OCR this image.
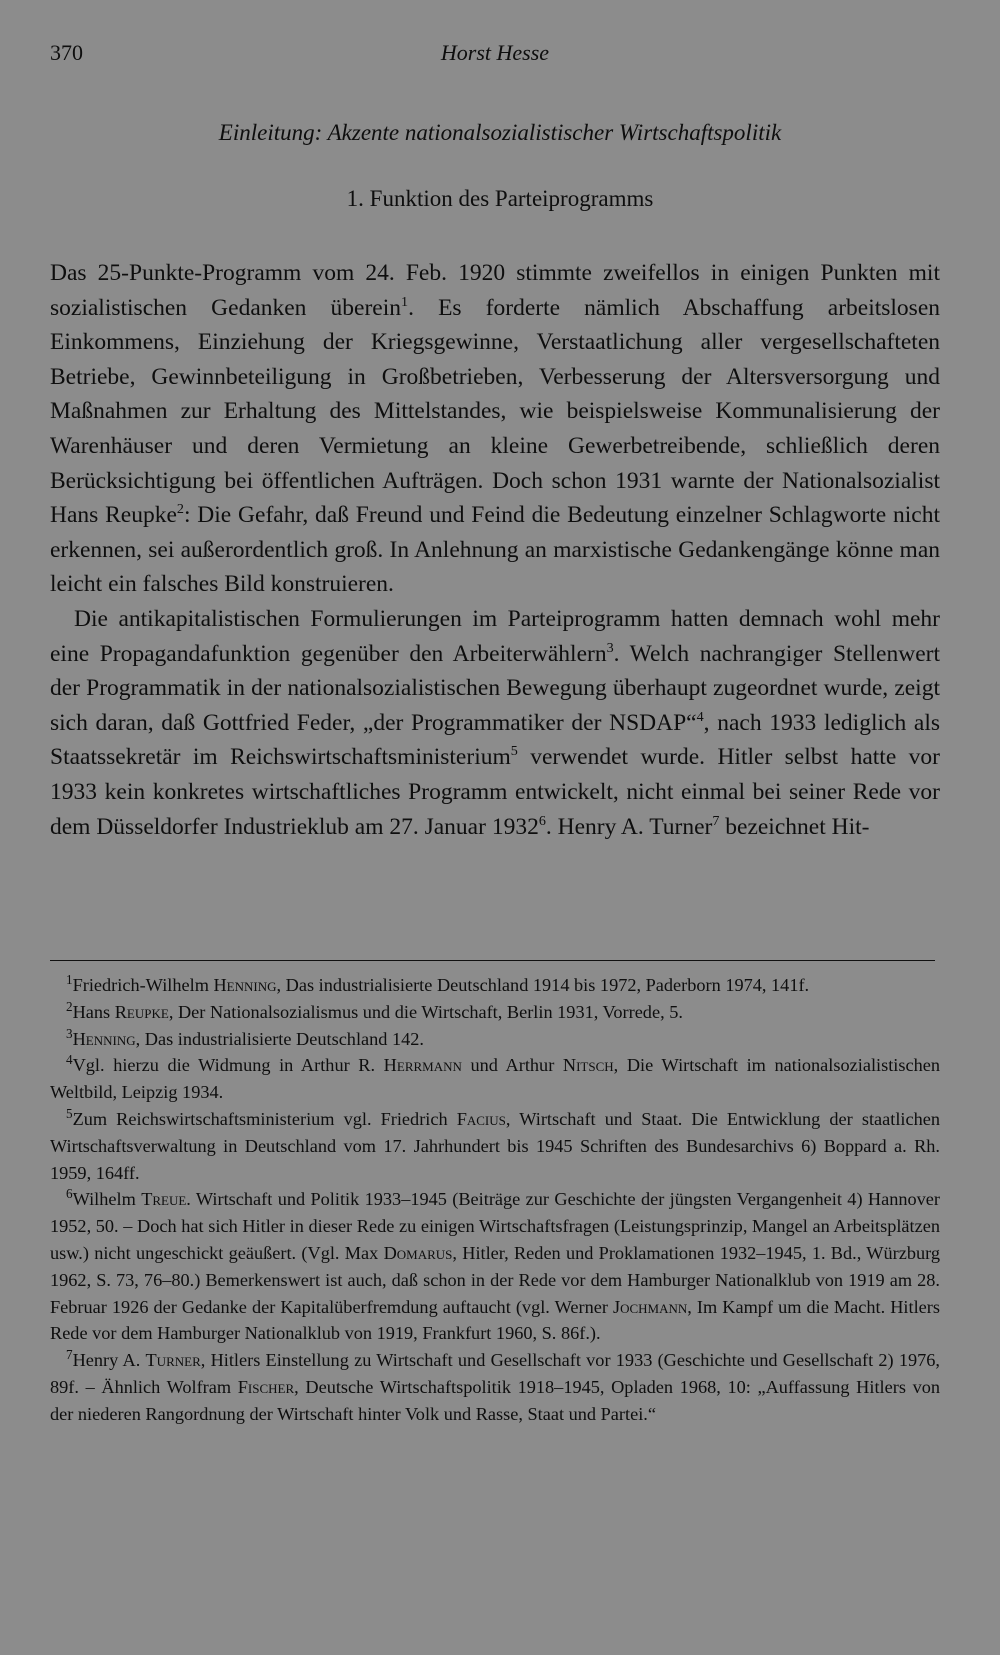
370	Horst Hesse
Einleitung: Akzente nationalsozialistischer Wirtschaftspolitik
1. Funktion des Parteiprogramms

Das 25-Punkte-Programm vom 24. Feb. 1920 stimmte zweifellos in einigen Punkten mit sozialistischen Gedanken überein$^1$. Es forderte nämlich Abschaffung arbeitslosen Einkommens, Einziehung der Kriegsgewinne, Verstaatlichung aller vergesellschafteten Betriebe, Gewinnbeteiligung in Großbetrieben, Verbesserung der Altersversorgung und Maßnahmen zur Erhaltung des Mittelstandes, wie beispielsweise Kommunalisierung der Warenhäuser und deren Vermietung an kleine Gewerbetreibende, schließlich deren Berücksichtigung bei öffentlichen Aufträgen. Doch schon 1931 warnte der Nationalsozialist Hans Reupke$^2$: Die Gefahr, daß Freund und Feind die Bedeutung einzelner Schlagworte nicht erkennen, sei außerordentlich groß. In Anlehnung an marxistische Gedankengänge könne man leicht ein falsches Bild konstruieren.

Die antikapitalistischen Formulierungen im Parteiprogramm hatten demnach wohl mehr eine Propagandafunktion gegenüber den Arbeiterwählern$^3$. Welch nachrangiger Stellenwert der Programmatik in der nationalsozialistischen Bewegung überhaupt zugeordnet wurde, zeigt sich daran, daß Gottfried Feder, „der Programmatiker der NSDAP“$^4$, nach 1933 lediglich als Staatssekretär im Reichswirtschaftsministerium$^5$ verwendet wurde. Hitler selbst hatte vor 1933 kein konkretes wirtschaftliches Programm entwickelt, nicht einmal bei seiner Rede vor dem Düsseldorfer Industrieklub am 27. Januar 1932$^6$. Henry A. Turner$^7$ bezeichnet Hit-

$^1$Friedrich-Wilhelm Henning, Das industrialisierte Deutschland 1914 bis 1972, Paderborn 1974, 141f.

$^2$Hans Reupke, Der Nationalsozialismus und die Wirtschaft, Berlin 1931, Vorrede, 5.

$^3$Henning, Das industrialisierte Deutschland 142.

$^4$Vgl. hierzu die Widmung in Arthur R. Herrmann und Arthur Nitsch, Die Wirtschaft im nationalsozialistischen Weltbild, Leipzig 1934.

$^5$Zum Reichswirtschaftsministerium vgl. Friedrich Facius, Wirtschaft und Staat. Die Entwicklung der staatlichen Wirtschaftsverwaltung in Deutschland vom 17. Jahrhundert bis 1945 Schriften des Bundesarchivs 6) Boppard a. Rh. 1959, 164ff.

$^6$Wilhelm Treue. Wirtschaft und Politik 1933–1945 (Beiträge zur Geschichte der jüngsten Vergangenheit 4) Hannover 1952, 50. – Doch hat sich Hitler in dieser Rede zu einigen Wirtschaftsfragen (Leistungsprinzip, Mangel an Arbeitsplätzen usw.) nicht ungeschickt geäußert. (Vgl. Max Domarus, Hitler, Reden und Proklamationen 1932–1945, 1. Bd., Würzburg 1962, S. 73, 76–80.) Bemerkenswert ist auch, daß schon in der Rede vor dem Hamburger Nationalklub von 1919 am 28. Februar 1926 der Gedanke der Kapitalüberfremdung auftaucht (vgl. Werner Jochmann, Im Kampf um die Macht. Hitlers Rede vor dem Hamburger Nationalklub von 1919, Frankfurt 1960, S. 86f.).

$^7$Henry A. Turner, Hitlers Einstellung zu Wirtschaft und Gesellschaft vor 1933 (Geschichte und Gesellschaft 2) 1976, 89f. – Ähnlich Wolfram Fischer, Deutsche Wirtschaftspolitik 1918–1945, Opladen 1968, 10: „Auffassung Hitlers von der niederen Rangordnung der Wirtschaft hinter Volk und Rasse, Staat und Partei.“
